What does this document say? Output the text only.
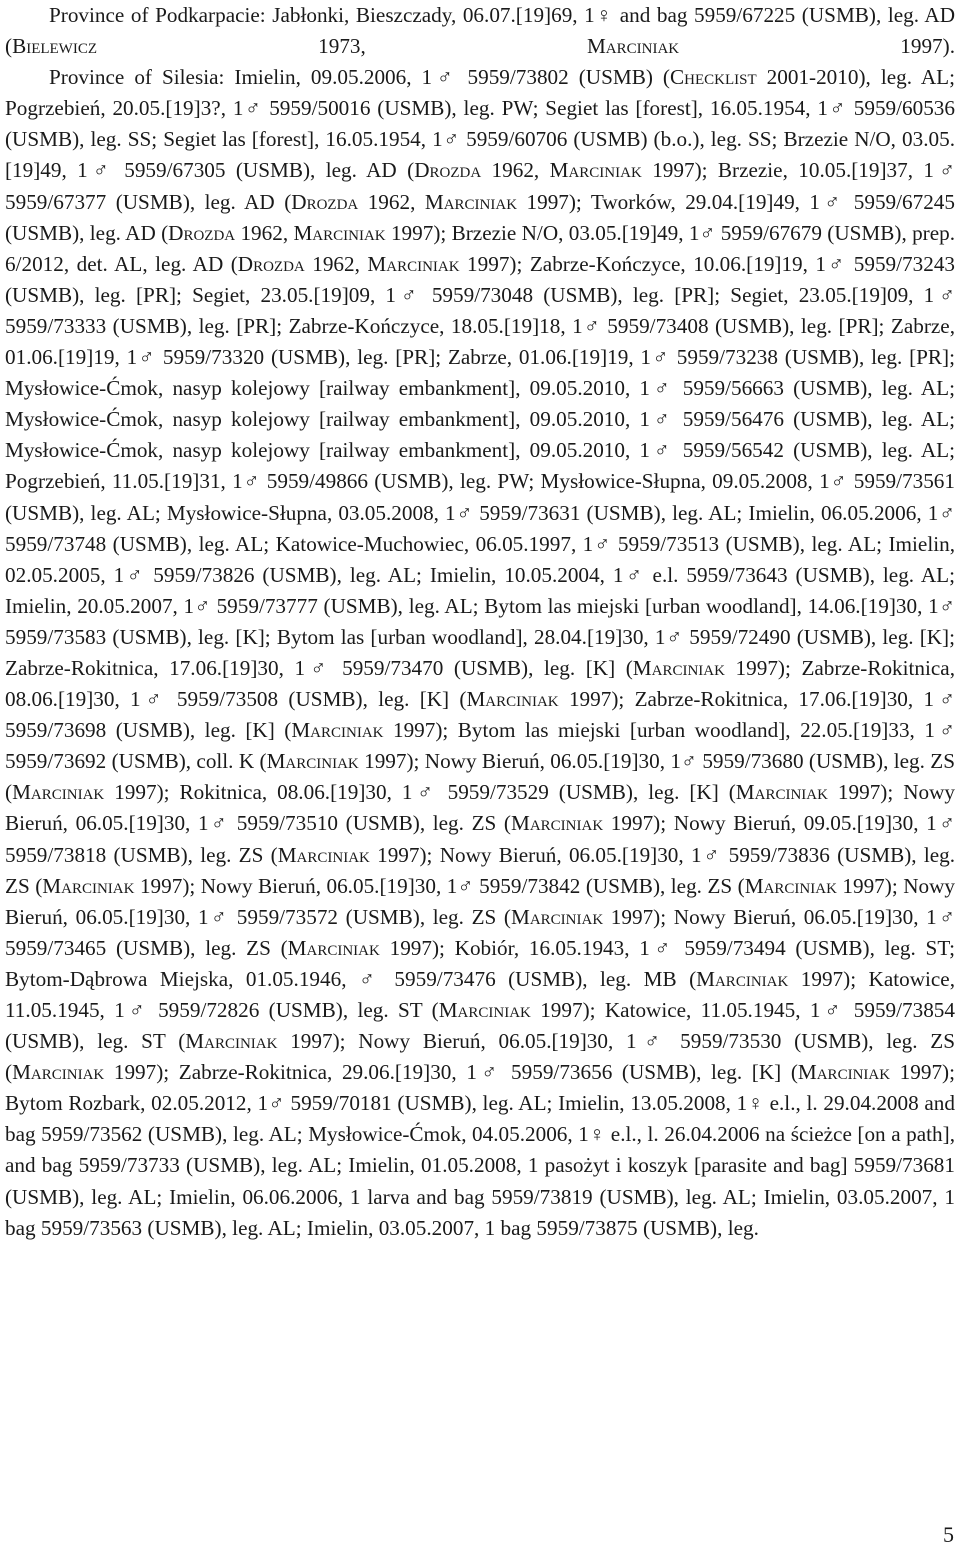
Province of Podkarpacie: Jabłonki, Bieszczady, 06.07.[19]69, 1♀ and bag 5959/67225 (USMB), leg. AD (Bielewicz 1973, Marciniak 1997).

Province of Silesia: Imielin, 09.05.2006, 1♂ 5959/73802 (USMB) (Checklist 2001-2010), leg. AL; Pogrzebień, 20.05.[19]3?, 1♂ 5959/50016 (USMB), leg. PW; Segiet las [forest], 16.05.1954, 1♂ 5959/60536 (USMB), leg. SS; Segiet las [forest], 16.05.1954, 1♂ 5959/60706 (USMB) (b.o.), leg. SS; Brzezie N/O, 03.05.[19]49, 1♂ 5959/67305 (USMB), leg. AD (Drozda 1962, Marciniak 1997); Brzezie, 10.05.[19]37, 1♂ 5959/67377 (USMB), leg. AD (Drozda 1962, Marciniak 1997); Tworków, 29.04.[19]49, 1♂ 5959/67245 (USMB), leg. AD (Drozda 1962, Marciniak 1997); Brzezie N/O, 03.05.[19]49, 1♂ 5959/67679 (USMB), prep. 6/2012, det. AL, leg. AD (Drozda 1962, Marciniak 1997); Zabrze-Kończyce, 10.06.[19]19, 1♂ 5959/73243 (USMB), leg. [PR]; Segiet, 23.05.[19]09, 1♂ 5959/73048 (USMB), leg. [PR]; Segiet, 23.05.[19]09, 1♂ 5959/73333 (USMB), leg. [PR]; Zabrze-Kończyce, 18.05.[19]18, 1♂ 5959/73408 (USMB), leg. [PR]; Zabrze, 01.06.[19]19, 1♂ 5959/73320 (USMB), leg. [PR]; Zabrze, 01.06.[19]19, 1♂ 5959/73238 (USMB), leg. [PR]; Mysłowice-Ćmok, nasyp kolejowy [railway embankment], 09.05.2010, 1♂ 5959/56663 (USMB), leg. AL; Mysłowice-Ćmok, nasyp kolejowy [railway embankment], 09.05.2010, 1♂ 5959/56476 (USMB), leg. AL; Mysłowice-Ćmok, nasyp kolejowy [railway embankment], 09.05.2010, 1♂ 5959/56542 (USMB), leg. AL; Pogrzebień, 11.05.[19]31, 1♂ 5959/49866 (USMB), leg. PW; Mysłowice-Słupna, 09.05.2008, 1♂ 5959/73561 (USMB), leg. AL; Mysłowice-Słupna, 03.05.2008, 1♂ 5959/73631 (USMB), leg. AL; Imielin, 06.05.2006, 1♂ 5959/73748 (USMB), leg. AL; Katowice-Muchowiec, 06.05.1997, 1♂ 5959/73513 (USMB), leg. AL; Imielin, 02.05.2005, 1♂ 5959/73826 (USMB), leg. AL; Imielin, 10.05.2004, 1♂ e.l. 5959/73643 (USMB), leg. AL; Imielin, 20.05.2007, 1♂ 5959/73777 (USMB), leg. AL; Bytom las miejski [urban woodland], 14.06.[19]30, 1♂ 5959/73583 (USMB), leg. [K]; Bytom las [urban woodland], 28.04.[19]30, 1♂ 5959/72490 (USMB), leg. [K]; Zabrze-Rokitnica, 17.06.[19]30, 1♂ 5959/73470 (USMB), leg. [K] (Marciniak 1997); Zabrze-Rokitnica, 08.06.[19]30, 1♂ 5959/73508 (USMB), leg. [K] (Marciniak 1997); Zabrze-Rokitnica, 17.06.[19]30, 1♂ 5959/73698 (USMB), leg. [K] (Marciniak 1997); Bytom las miejski [urban woodland], 22.05.[19]33, 1♂ 5959/73692 (USMB), coll. K (Marciniak 1997); Nowy Bieruń, 06.05.[19]30, 1♂ 5959/73680 (USMB), leg. ZS (Marciniak 1997); Rokitnica, 08.06.[19]30, 1♂ 5959/73529 (USMB), leg. [K] (Marciniak 1997); Nowy Bieruń, 06.05.[19]30, 1♂ 5959/73510 (USMB), leg. ZS (Marciniak 1997); Nowy Bieruń, 09.05.[19]30, 1♂ 5959/73818 (USMB), leg. ZS (Marciniak 1997); Nowy Bieruń, 06.05.[19]30, 1♂ 5959/73836 (USMB), leg. ZS (Marciniak 1997); Nowy Bieruń, 06.05.[19]30, 1♂ 5959/73842 (USMB), leg. ZS (Marciniak 1997); Nowy Bieruń, 06.05.[19]30, 1♂ 5959/73572 (USMB), leg. ZS (Marciniak 1997); Nowy Bieruń, 06.05.[19]30, 1♂ 5959/73465 (USMB), leg. ZS (Marciniak 1997); Kobiór, 16.05.1943, 1♂ 5959/73494 (USMB), leg. ST; Bytom-Dąbrowa Miejska, 01.05.1946, ♂ 5959/73476 (USMB), leg. MB (Marciniak 1997); Katowice, 11.05.1945, 1♂ 5959/72826 (USMB), leg. ST (Marciniak 1997); Katowice, 11.05.1945, 1♂ 5959/73854 (USMB), leg. ST (Marciniak 1997); Nowy Bieruń, 06.05.[19]30, 1♂ 5959/73530 (USMB), leg. ZS (Marciniak 1997); Zabrze-Rokitnica, 29.06.[19]30, 1♂ 5959/73656 (USMB), leg. [K] (Marciniak 1997); Bytom Rozbark, 02.05.2012, 1♂ 5959/70181 (USMB), leg. AL; Imielin, 13.05.2008, 1♀ e.l., l. 29.04.2008 and bag 5959/73562 (USMB), leg. AL; Mysłowice-Ćmok, 04.05.2006, 1♀ e.l., l. 26.04.2006 na ścieżce [on a path], and bag 5959/73733 (USMB), leg. AL; Imielin, 01.05.2008, 1 pasożyt i koszyk [parasite and bag] 5959/73681 (USMB), leg. AL; Imielin, 06.06.2006, 1 larva and bag 5959/73819 (USMB), leg. AL; Imielin, 03.05.2007, 1 bag 5959/73563 (USMB), leg. AL; Imielin, 03.05.2007, 1 bag 5959/73875 (USMB), leg.

5
